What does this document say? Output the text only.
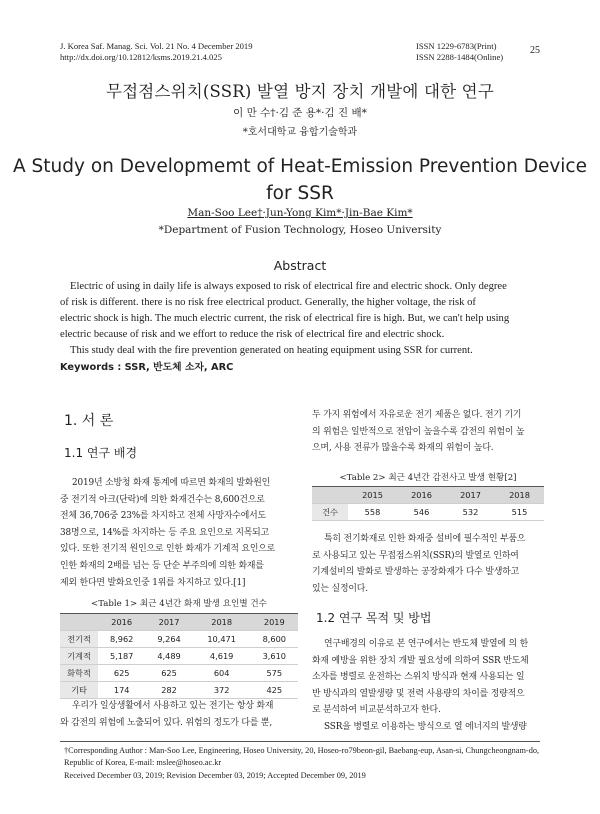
J. Korea Saf. Manag. Sci. Vol. 21 No. 4 December 2019
http://dx.doi.org/10.12812/ksms.2019.21.4.025
ISSN 1229-6783(Print)
ISSN 2288-1484(Online)
25
무접점스위치(SSR) 발열 방지 장치 개발에 대한 연구
이 만 수†·김 준 용*·김 진 배*
*호서대학교 융합기술학과
A Study on Developmemt of Heat-Emission Prevention Device
for SSR
Man-Soo Lee†·Jun-Yong Kim*·Jin-Bae Kim*
*Department of Fusion Technology, Hoseo University
Abstract

Electric of using in daily life is always exposed to risk of electrical fire and electric shock. Only degree

of risk is different. there is no risk free electrical product. Generally, the higher voltage, the risk of
electric shock is high. The much electric current, the risk of electrical fire is high. But, we can't help using
electric because of risk and we effort to reduce the risk of electrical fire and electric shock.

This study deal with the fire prevention generated on heating equipment using SSR for current.

Keywords : SSR, 반도체 소자, ARC
1. 서 론
1.1 연구 배경

2019년 소방청 화재 통계에 따르면 화재의 발화원인

중 전기적 아크(단락)에 의한 화재건수는 8,600건으로
전체 36,706중 23%를 차지하고 전체 사망자수에서도
38명으로, 14%를 차지하는 등 주요 요인으로 지목되고
있다. 또한 전기적 원인으로 인한 화재가 기계적 요인으로
인한 화재의 2배를 넘는 등 단순 부주의에 의한 화재를
제외 한다면 발화요인중 1위를 차지하고 있다.[1]
<Table 1> 최근 4년간 화재 발생 요인별 건수
	2016	2017	2018	2019
전기적	8,962	9,264	10,471	8,600
기계적	5,187	4,489	4,619	3,610
화학적	625	625	604	575
기타	174	282	372	425

우리가 일상생활에서 사용하고 있는 전기는 항상 화재

와 감전의 위험에 노출되어 있다. 위험의 정도가 다를 뿐,
두 가지 위험에서 자유로운 전기 제품은 없다. 전기 기기
의 위험은 일반적으로 전압이 높을수록 감전의 위험이 높
으며, 사용 전류가 많을수록 화재의 위험이 높다.
<Table 2> 최근 4년간 감전사고 발생 현황[2]
	2015	2016	2017	2018
건수	558	546	532	515

특히 전기화재로 인한 화재중 설비에 필수적인 부품으

로 사용되고 있는 무접점스위치(SSR)의 발열로 인하여
기계설비의 발화로 발생하는 공장화재가 다수 발생하고
있는 실정이다.
1.2 연구 목적 및 방법

연구배경의 이유로 본 연구에서는 반도체 발열에 의 한

화재 예방을 위한 장치 개발 필요성에 의하여 SSR 반도체
소자를 병렬로 운전하는 스위치 방식과 현재 사용되는 일
반 방식과의 열발생량 및 전력 사용량의 차이를 정량적으
로 분석하여 비교분석하고자 한다.

SSR을 병렬로 이용하는 방식으로 열 에너지의 발생량

†Corresponding Author : Man-Soo Lee, Engineering, Hoseo University, 20, Hoseo-ro79beon-gil, Baebang-eup, Asan-si, Chungcheongnam-do,
Republic of Korea, E-mail: mslee@hoseo.ac.kr
Received December 03, 2019; Revision December 03, 2019; Accepted December 09, 2019
